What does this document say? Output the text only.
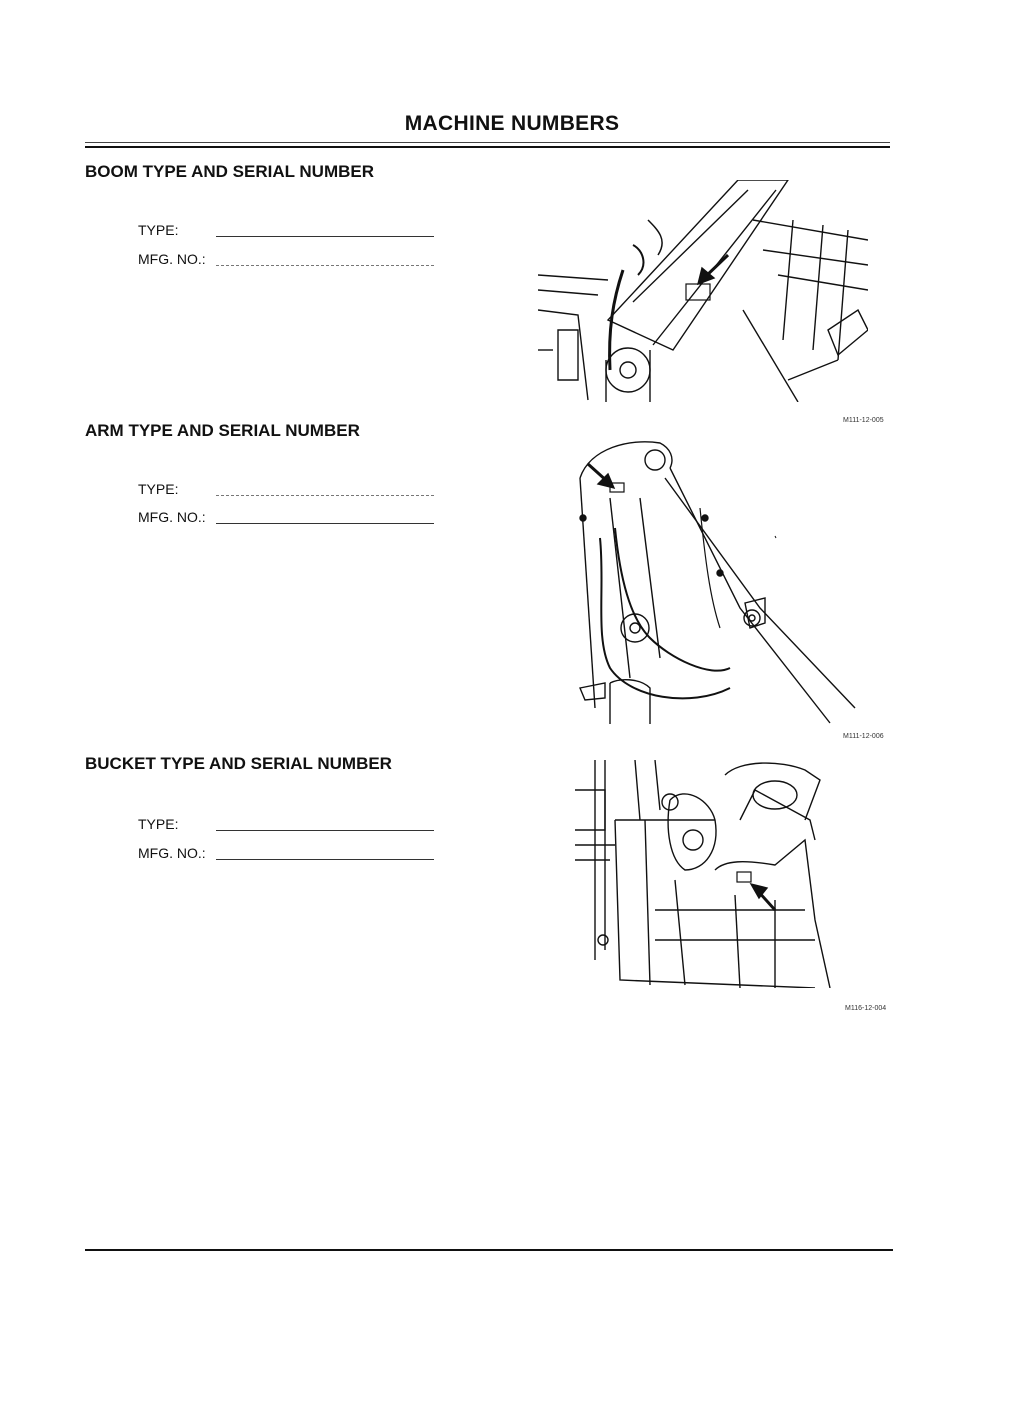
MACHINE NUMBERS
BOOM TYPE AND SERIAL NUMBER
TYPE:
MFG. NO.:
M111-12-005
ARM TYPE AND SERIAL NUMBER
TYPE:
MFG. NO.:
M111-12-006
BUCKET TYPE AND SERIAL NUMBER
TYPE:
MFG. NO.:
M116-12-004
